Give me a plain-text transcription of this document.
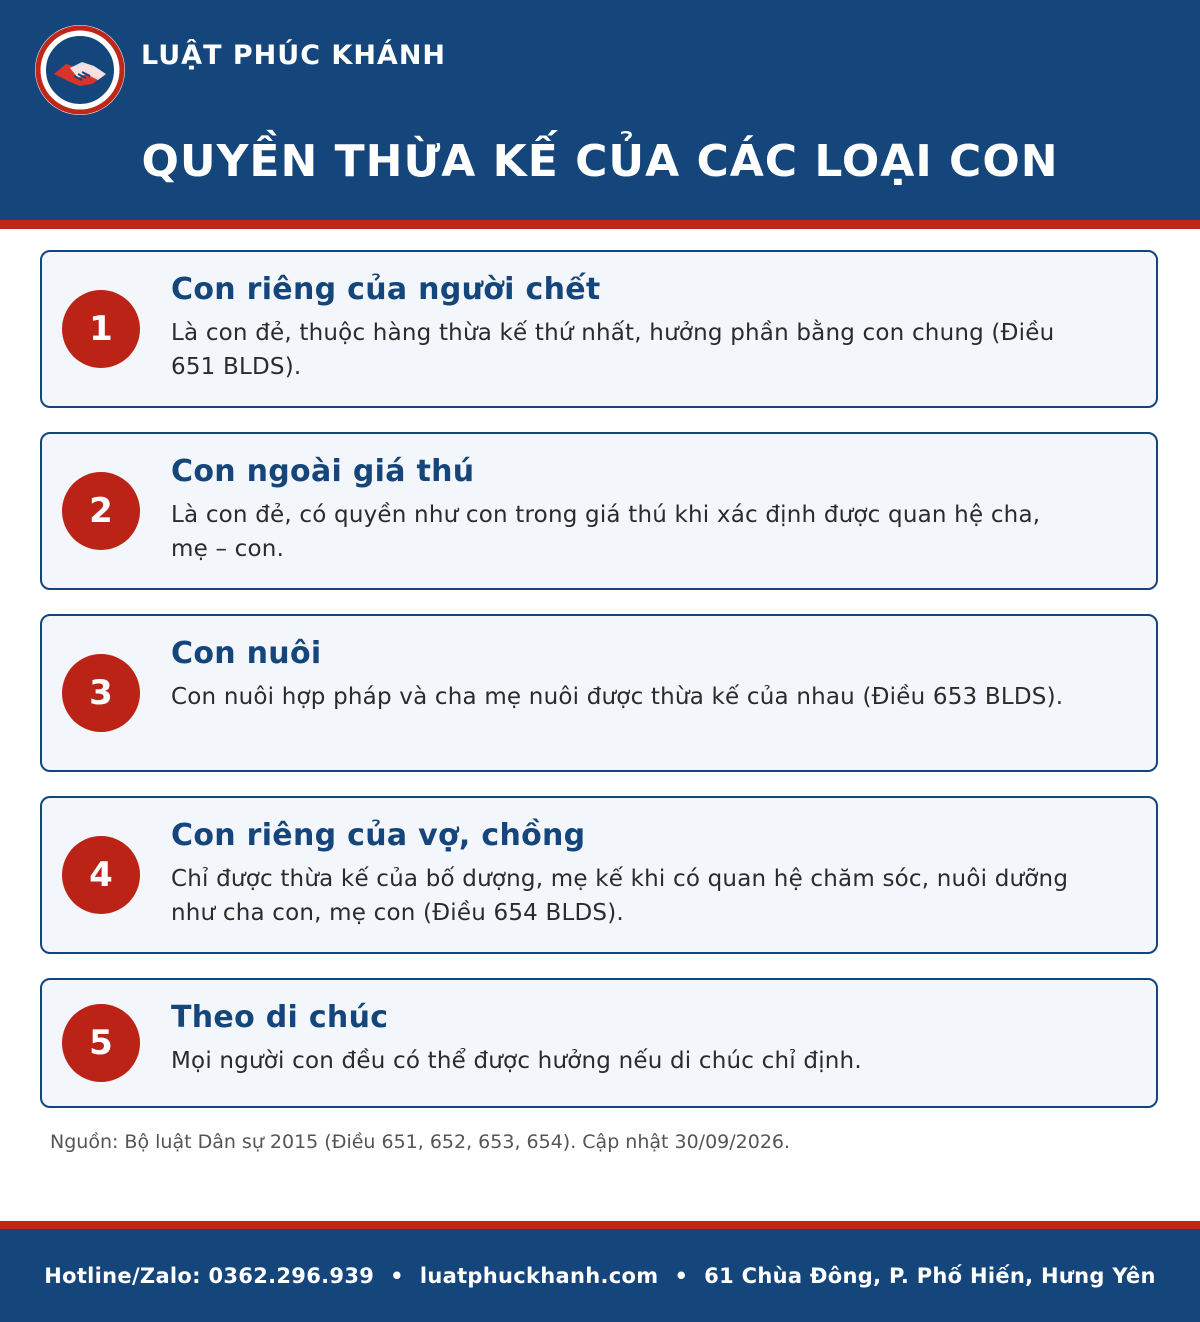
LUẬT PHÚC KHÁNH
QUYỀN THỪA KẾ CỦA CÁC LOẠI CON
1
Con riêng của người chết
Là con đẻ, thuộc hàng thừa kế thứ nhất, hưởng phần bằng con chung (Điều 651 BLDS).
2
Con ngoài giá thú
Là con đẻ, có quyền như con trong giá thú khi xác định được quan hệ cha, mẹ – con.
3
Con nuôi
Con nuôi hợp pháp và cha mẹ nuôi được thừa kế của nhau (Điều 653 BLDS).
4
Con riêng của vợ, chồng
Chỉ được thừa kế của bố dượng, mẹ kế khi có quan hệ chăm sóc, nuôi dưỡng như cha con, mẹ con (Điều 654 BLDS).
5
Theo di chúc
Mọi người con đều có thể được hưởng nếu di chúc chỉ định.
Nguồn: Bộ luật Dân sự 2015 (Điều 651, 652, 653, 654). Cập nhật 30/09/2026.
Hotline/Zalo: 0362.296.939 • luatphuckhanh.com • 61 Chùa Đông, P. Phố Hiến, Hưng Yên
